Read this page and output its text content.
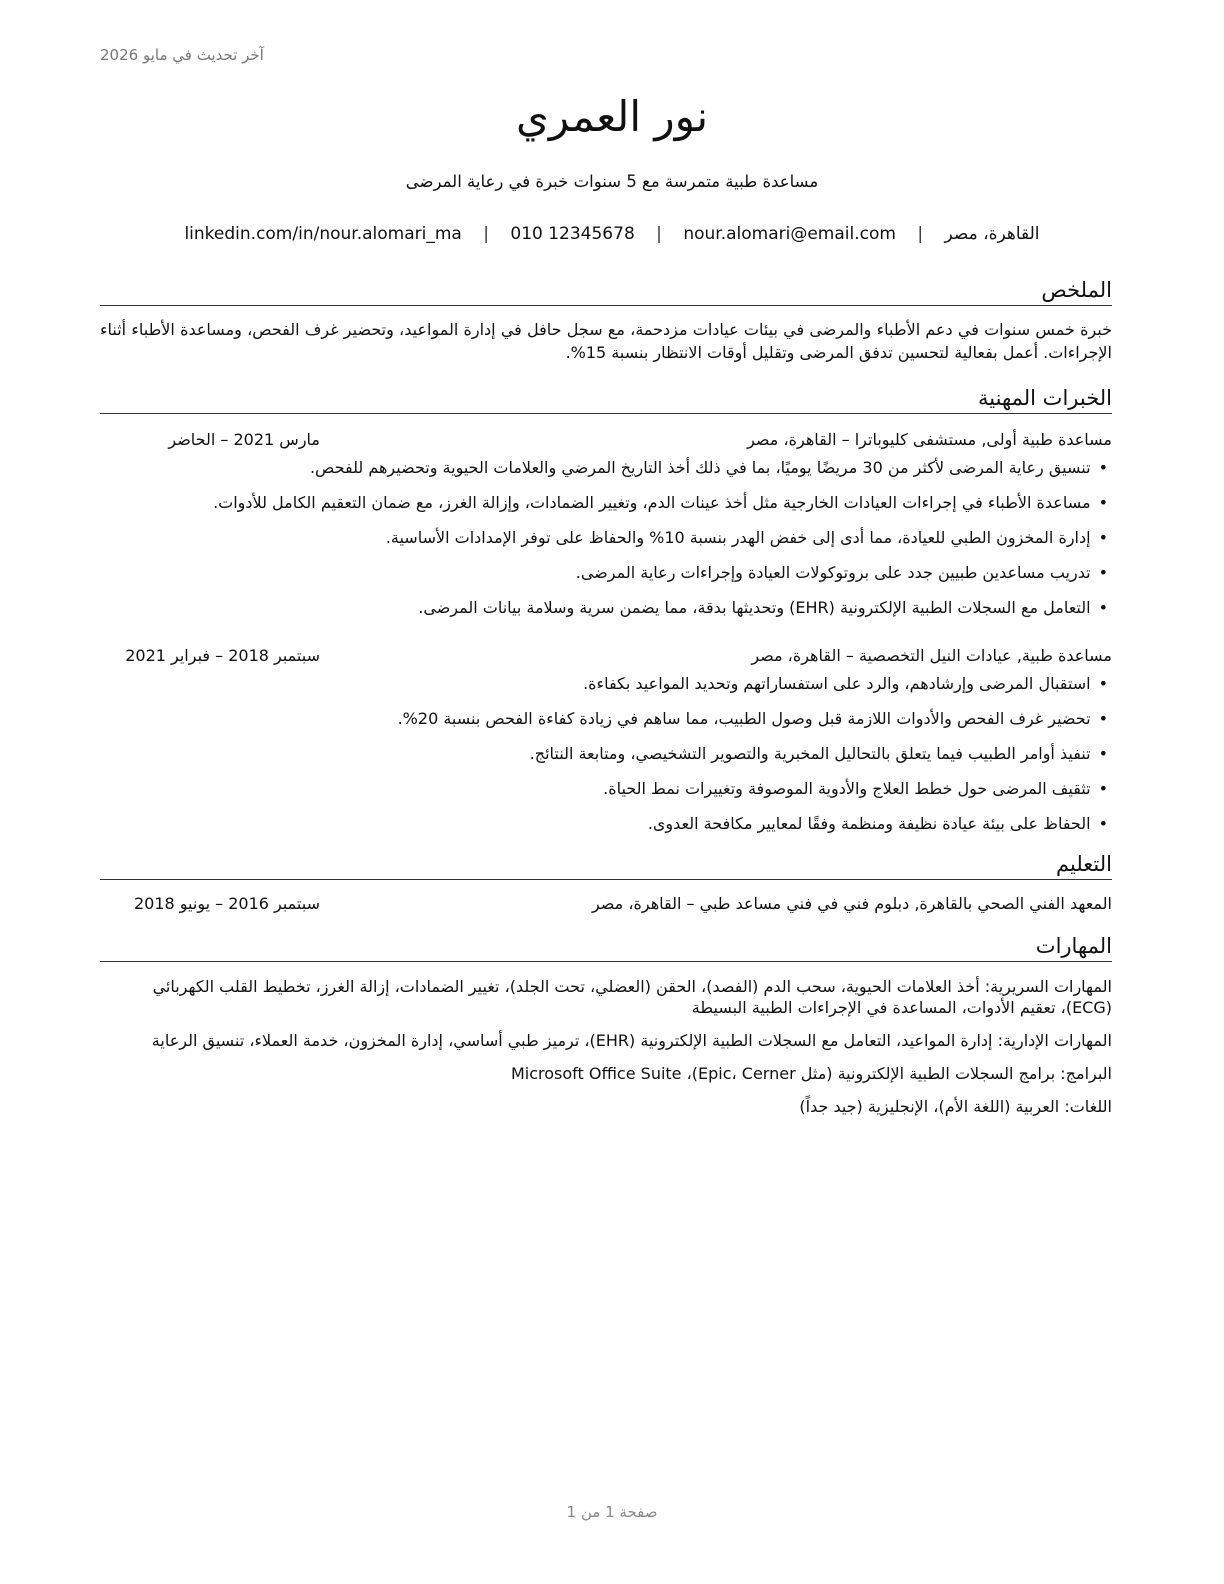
آخر تحديث في مايو 2026
نور العمري
مساعدة طبية متمرسة مع 5 سنوات خبرة في رعاية المرضى
القاهرة، مصر | nour.alomari@email.com | 010 12345678 | linkedin.com/in/nour.alomari_ma
الملخص

خبرة خمس سنوات في دعم الأطباء والمرضى في بيئات عيادات مزدحمة، مع سجل حافل في إدارة المواعيد، وتحضير غرف الفحص، ومساعدة الأطباء أثناء الإجراءات. أعمل بفعالية لتحسين تدفق المرضى وتقليل أوقات الانتظار بنسبة 15%.

الخبرات المهنية
مساعدة طبية أولى, مستشفى كليوباترا – القاهرة، مصر
مارس 2021 – الحاضر
• تنسيق رعاية المرضى لأكثر من 30 مريضًا يوميًا، بما في ذلك أخذ التاريخ المرضي والعلامات الحيوية وتحضيرهم للفحص.
• مساعدة الأطباء في إجراءات العيادات الخارجية مثل أخذ عينات الدم، وتغيير الضمادات، وإزالة الغرز، مع ضمان التعقيم الكامل للأدوات.
• إدارة المخزون الطبي للعيادة، مما أدى إلى خفض الهدر بنسبة 10% والحفاظ على توفر الإمدادات الأساسية.
• تدريب مساعدين طبيين جدد على بروتوكولات العيادة وإجراءات رعاية المرضى.
• التعامل مع السجلات الطبية الإلكترونية (EHR) وتحديثها بدقة، مما يضمن سرية وسلامة بيانات المرضى.
مساعدة طبية, عيادات النيل التخصصية – القاهرة، مصر
سبتمبر 2018 – فبراير 2021
• استقبال المرضى وإرشادهم، والرد على استفساراتهم وتحديد المواعيد بكفاءة.
• تحضير غرف الفحص والأدوات اللازمة قبل وصول الطبيب، مما ساهم في زيادة كفاءة الفحص بنسبة 20%.
• تنفيذ أوامر الطبيب فيما يتعلق بالتحاليل المخبرية والتصوير التشخيصي، ومتابعة النتائج.
• تثقيف المرضى حول خطط العلاج والأدوية الموصوفة وتغييرات نمط الحياة.
• الحفاظ على بيئة عيادة نظيفة ومنظمة وفقًا لمعايير مكافحة العدوى.
التعليم
المعهد الفني الصحي بالقاهرة, دبلوم فني في فني مساعد طبي – القاهرة، مصر
سبتمبر 2016 – يونيو 2018
المهارات

المهارات السريرية: أخذ العلامات الحيوية، سحب الدم (الفصد)، الحقن (العضلي، تحت الجلد)، تغيير الضمادات، إزالة الغرز، تخطيط القلب الكهربائي (ECG)، تعقيم الأدوات، المساعدة في الإجراءات الطبية البسيطة

المهارات الإدارية: إدارة المواعيد، التعامل مع السجلات الطبية الإلكترونية (EHR)، ترميز طبي أساسي، إدارة المخزون، خدمة العملاء، تنسيق الرعاية

البرامج: برامج السجلات الطبية الإلكترونية (مثل Epic، Cerner)، Microsoft Office Suite

اللغات: العربية (اللغة الأم)، الإنجليزية (جيد جداً)

صفحة 1 من 1
